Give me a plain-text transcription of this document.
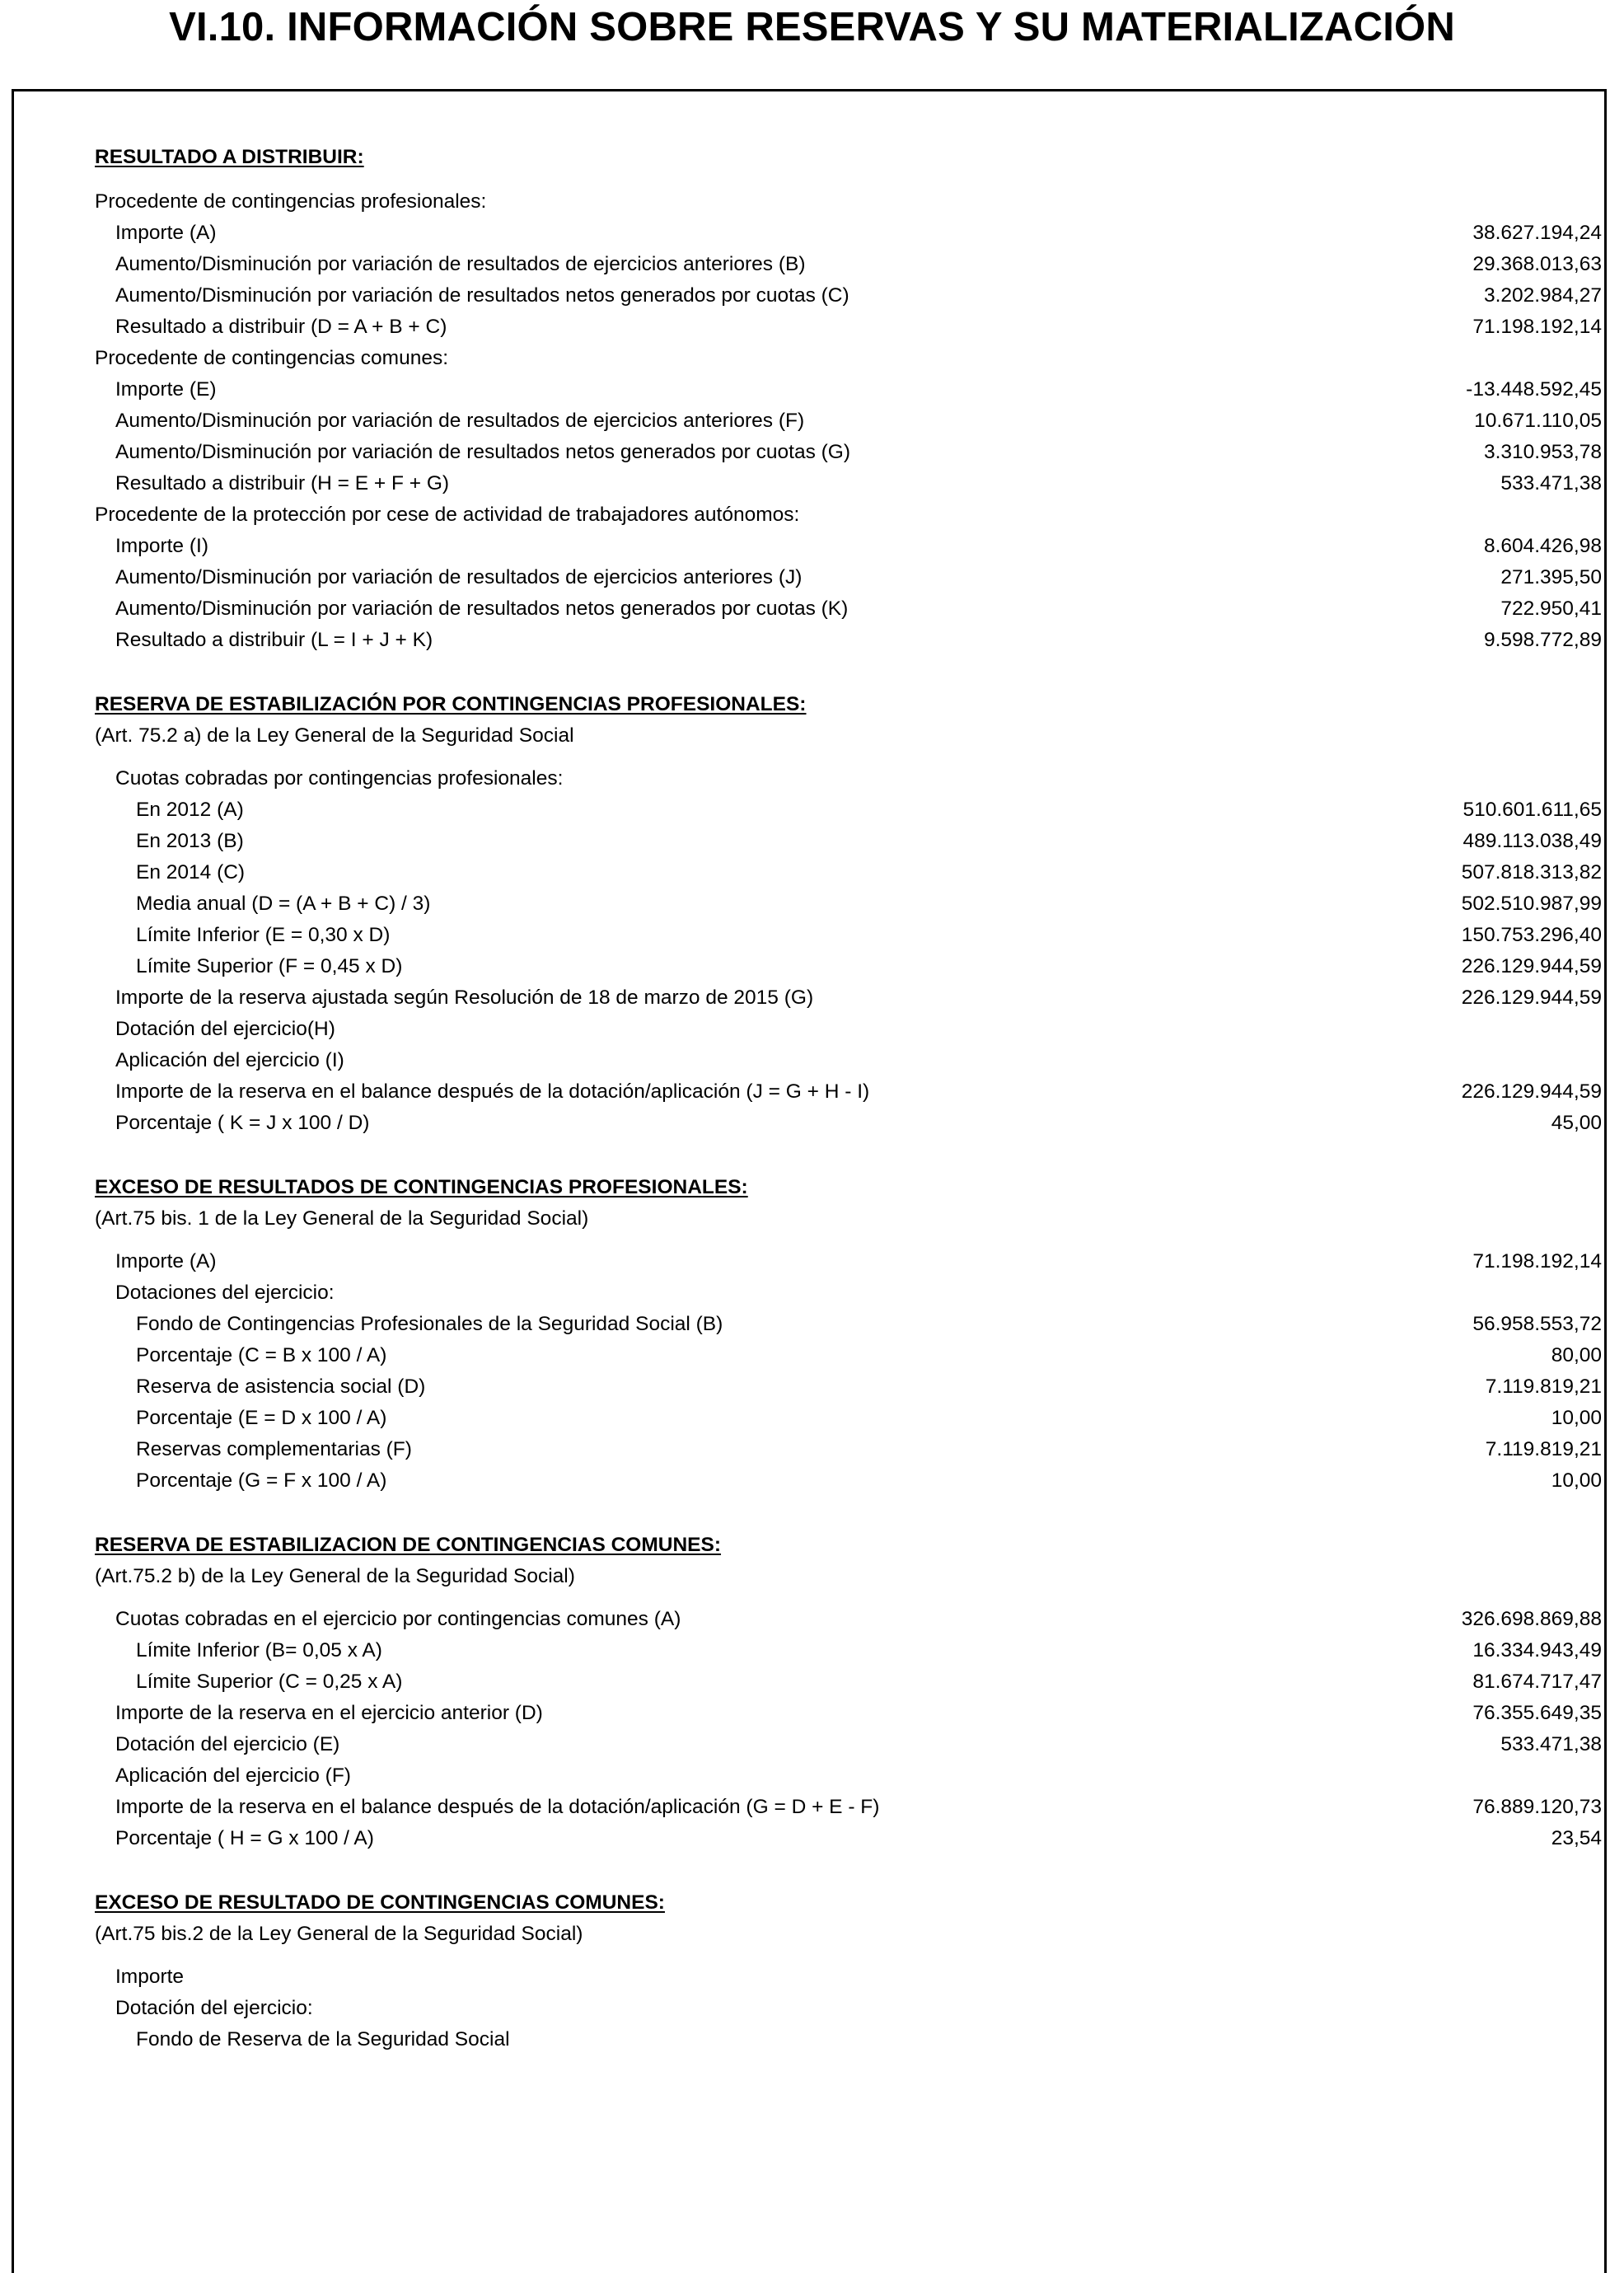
VI.10. INFORMACIÓN SOBRE RESERVAS Y SU MATERIALIZACIÓN
RESULTADO A DISTRIBUIR:
Procedente de contingencias profesionales:
Importe (A)	38.627.194,24
Aumento/Disminución por variación de resultados de ejercicios anteriores (B)	29.368.013,63
Aumento/Disminución por variación de resultados netos generados por cuotas (C)	3.202.984,27
Resultado a distribuir (D = A + B + C)	71.198.192,14
Procedente de contingencias comunes:
Importe (E)	-13.448.592,45
Aumento/Disminución por variación de resultados de ejercicios anteriores (F)	10.671.110,05
Aumento/Disminución por variación de resultados netos generados por cuotas (G)	3.310.953,78
Resultado a distribuir (H = E + F + G)	533.471,38
Procedente de la protección por cese de actividad de trabajadores autónomos:
Importe (I)	8.604.426,98
Aumento/Disminución por variación de resultados de ejercicios anteriores (J)	271.395,50
Aumento/Disminución por variación de resultados netos generados por cuotas (K)	722.950,41
Resultado a distribuir (L = I + J + K)	9.598.772,89
RESERVA DE ESTABILIZACIÓN POR CONTINGENCIAS PROFESIONALES:
(Art. 75.2 a) de la Ley General de la Seguridad Social
Cuotas cobradas por contingencias profesionales:
En 2012 (A)	510.601.611,65
En 2013 (B)	489.113.038,49
En 2014 (C)	507.818.313,82
Media anual (D = (A + B + C) / 3)	502.510.987,99
Límite Inferior (E = 0,30 x D)	150.753.296,40
Límite Superior (F = 0,45 x D)	226.129.944,59
Importe de la reserva ajustada según Resolución de 18 de marzo de 2015 (G)	226.129.944,59
Dotación del ejercicio(H)
Aplicación del ejercicio (I)
Importe de la reserva en el balance después de la dotación/aplicación (J = G + H - I)	226.129.944,59
Porcentaje ( K = J x 100 / D)	45,00
EXCESO DE RESULTADOS DE CONTINGENCIAS PROFESIONALES:
(Art.75 bis. 1 de la Ley General de la Seguridad Social)
Importe (A)	71.198.192,14
Dotaciones del ejercicio:
Fondo de Contingencias Profesionales de la Seguridad Social (B)	56.958.553,72
Porcentaje (C = B x 100 / A)	80,00
Reserva de asistencia social (D)	7.119.819,21
Porcentaje (E = D x 100 / A)	10,00
Reservas complementarias (F)	7.119.819,21
Porcentaje (G = F x 100 / A)	10,00
RESERVA DE ESTABILIZACION DE CONTINGENCIAS COMUNES:
(Art.75.2 b) de la Ley General de la Seguridad Social)
Cuotas cobradas en el ejercicio por contingencias comunes (A)	326.698.869,88
Límite Inferior (B= 0,05 x A)	16.334.943,49
Límite Superior (C = 0,25 x A)	81.674.717,47
Importe de la reserva en el ejercicio anterior (D)	76.355.649,35
Dotación del ejercicio (E)	533.471,38
Aplicación del ejercicio (F)
Importe de la reserva en el balance después de la dotación/aplicación (G = D + E - F)	76.889.120,73
Porcentaje ( H = G x 100 / A)	23,54
EXCESO DE RESULTADO DE CONTINGENCIAS COMUNES:
(Art.75 bis.2 de la Ley General de la Seguridad Social)
Importe
Dotación del ejercicio:
Fondo de Reserva de la Seguridad Social
